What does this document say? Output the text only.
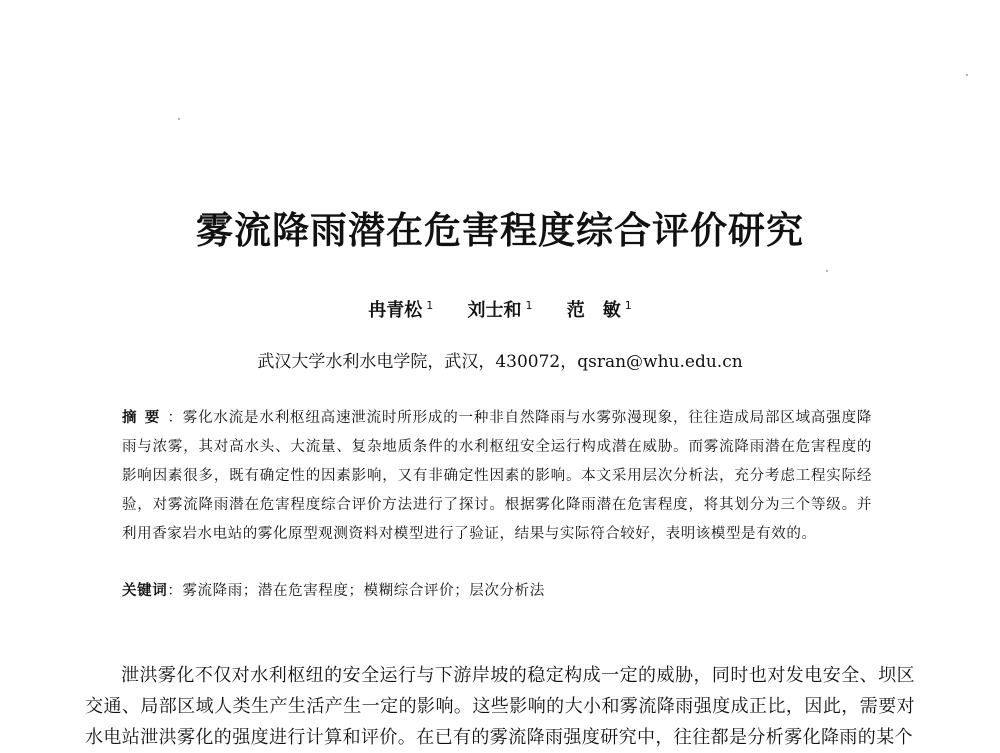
雾流降雨潜在危害程度综合评价研究
冉青松 $^1$ 刘士和 $^1$ 范　敏 $^1$
武汉大学水利水电学院，武汉，430072，qsran@whu.edu.cn
摘要：雾化水流是水利枢纽高速泄流时所形成的一种非自然降雨与水雾弥漫现象，往往造成局部区域高强度降雨与浓雾，其对高水头、大流量、复杂地质条件的水利枢纽安全运行构成潜在威胁。而雾流降雨潜在危害程度的影响因素很多，既有确定性的因素影响，又有非确定性因素的影响。本文采用层次分析法，充分考虑工程实际经验，对雾流降雨潜在危害程度综合评价方法进行了探讨。根据雾化降雨潜在危害程度，将其划分为三个等级。并利用香家岩水电站的雾化原型观测资料对模型进行了验证，结果与实际符合较好，表明该模型是有效的。
关键词：雾流降雨；潜在危害程度；模糊综合评价；层次分析法
泄洪雾化不仅对水利枢纽的安全运行与下游岸坡的稳定构成一定的威胁，同时也对发电安全、坝区交通、局部区域人类生产生活产生一定的影响。这些影响的大小和雾流降雨强度成正比，因此，需要对水电站泄洪雾化的强度进行计算和评价。在已有的雾流降雨强度研究中，往往都是分析雾化降雨的某个
